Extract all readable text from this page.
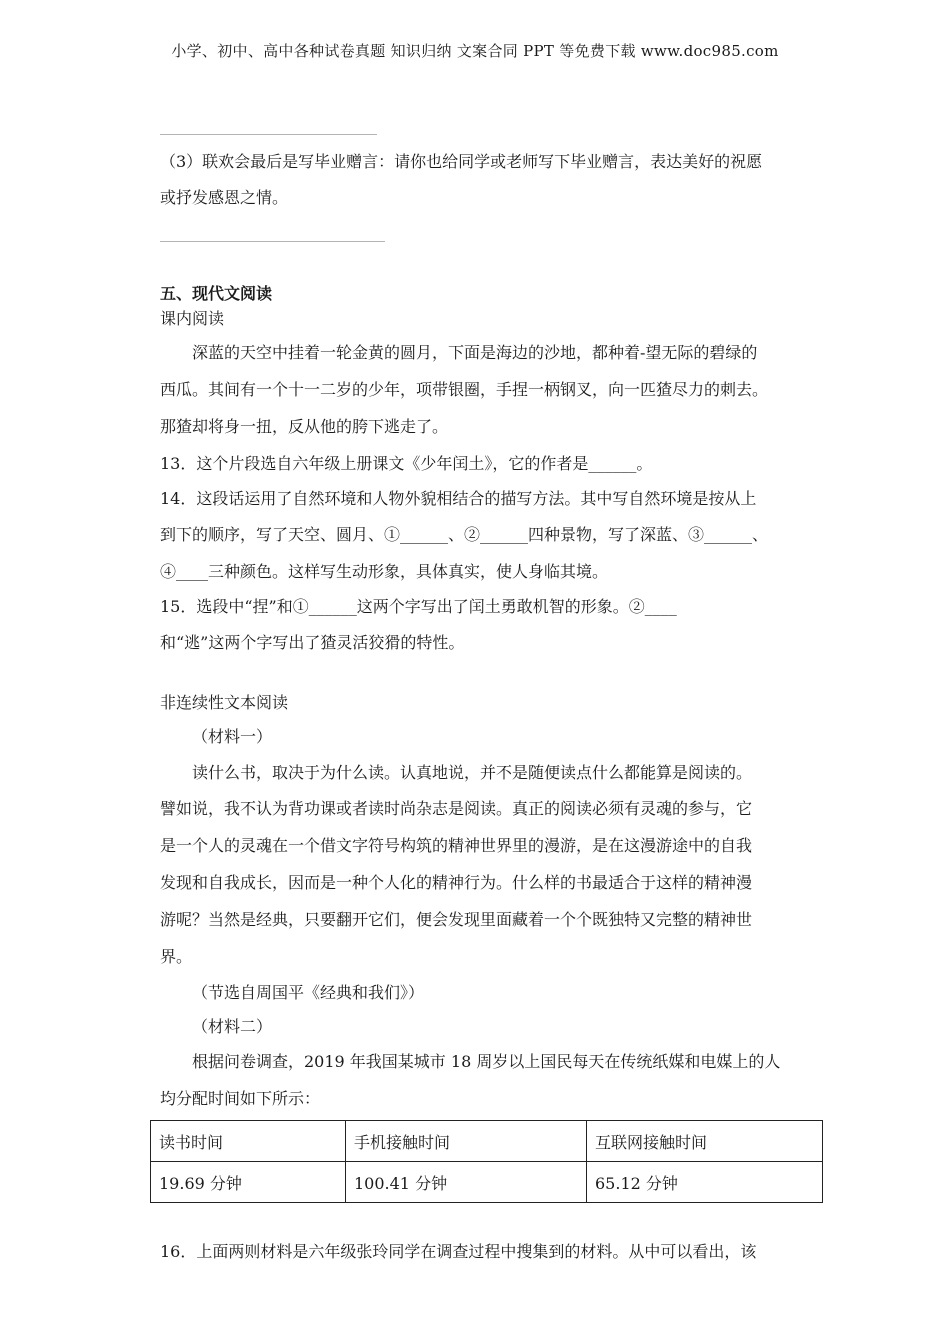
小学、初中、高中各种试卷真题 知识归纳 文案合同 PPT 等免费下载 www.doc985.com
（3）联欢会最后是写毕业赠言：请你也给同学或老师写下毕业赠言，表达美好的祝愿
或抒发感恩之情。
五、现代文阅读
课内阅读
深蓝的天空中挂着一轮金黄的圆月，下面是海边的沙地，都种着-望无际的碧绿的
西瓜。其间有一个十一二岁的少年，项带银圈，手捏一柄钢叉，向一匹猹尽力的刺去。
那猹却将身一扭，反从他的胯下逃走了。
13．这个片段选自六年级上册课文《少年闰土》，它的作者是______。
14．这段话运用了自然环境和人物外貌相结合的描写方法。其中写自然环境是按从上
到下的顺序，写了天空、圆月、①______、②______四种景物，写了深蓝、③______、
④____三种颜色。这样写生动形象，具体真实，使人身临其境。
15．选段中“捏”和①______这两个字写出了闰土勇敢机智的形象。②____
和“逃”这两个字写出了猹灵活狡猾的特性。
非连续性文本阅读
（材料一）
读什么书，取决于为什么读。认真地说，并不是随便读点什么都能算是阅读的。
譬如说，我不认为背功课或者读时尚杂志是阅读。真正的阅读必须有灵魂的参与，它
是一个人的灵魂在一个借文字符号构筑的精神世界里的漫游，是在这漫游途中的自我
发现和自我成长，因而是一种个人化的精神行为。什么样的书最适合于这样的精神漫
游呢？当然是经典，只要翻开它们，便会发现里面藏着一个个既独特又完整的精神世
界。
（节选自周国平《经典和我们》）
（材料二）
根据问卷调查，2019 年我国某城市 18 周岁以上国民每天在传统纸媒和电媒上的人
均分配时间如下所示：
读书时间	手机接触时间	互联网接触时间
19.69 分钟	100.41 分钟	65.12 分钟
16．上面两则材料是六年级张玲同学在调查过程中搜集到的材料。从中可以看出，该
